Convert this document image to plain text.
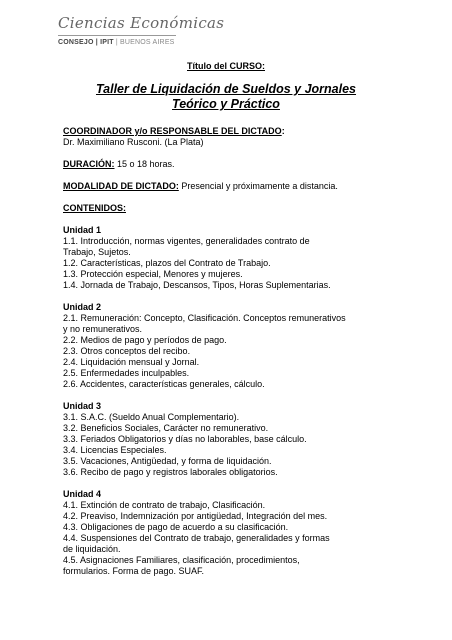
Ciencias Económicas
CONSEJO | IPIT | BUENOS AIRES
Título del CURSO:
Taller de Liquidación de Sueldos y Jornales
Teórico y Práctico

COORDINADOR y/o RESPONSABLE DEL DICTADO:

Dr. Maximiliano Rusconi. (La Plata)

DURACIÓN: 15 o 18 horas.

MODALIDAD DE DICTADO: Presencial y próximamente a distancia.

CONTENIDOS:

Unidad 1

1.1. Introducción, normas vigentes, generalidades contrato de

Trabajo, Sujetos.

1.2. Características, plazos del Contrato de Trabajo.

1.3. Protección especial, Menores y mujeres.

1.4. Jornada de Trabajo, Descansos, Tipos, Horas Suplementarias.

Unidad 2

2.1. Remuneración: Concepto, Clasificación. Conceptos remunerativos

y no remunerativos.

2.2. Medios de pago y períodos de pago.

2.3. Otros conceptos del recibo.

2.4. Liquidación mensual y Jornal.

2.5. Enfermedades inculpables.

2.6. Accidentes, características generales, cálculo.

Unidad 3

3.1. S.A.C. (Sueldo Anual Complementario).

3.2. Beneficios Sociales, Carácter no remunerativo.

3.3. Feriados Obligatorios y días no laborables, base cálculo.

3.4. Licencias Especiales.

3.5. Vacaciones, Antigüedad, y forma de liquidación.

3.6. Recibo de pago y registros laborales obligatorios.

Unidad 4

4.1. Extinción de contrato de trabajo, Clasificación.

4.2. Preaviso, Indemnización por antigüedad, Integración del mes.

4.3. Obligaciones de pago de acuerdo a su clasificación.

4.4. Suspensiones del Contrato de trabajo, generalidades y formas

de liquidación.

4.5. Asignaciones Familiares, clasificación, procedimientos,

formularios. Forma de pago. SUAF.
